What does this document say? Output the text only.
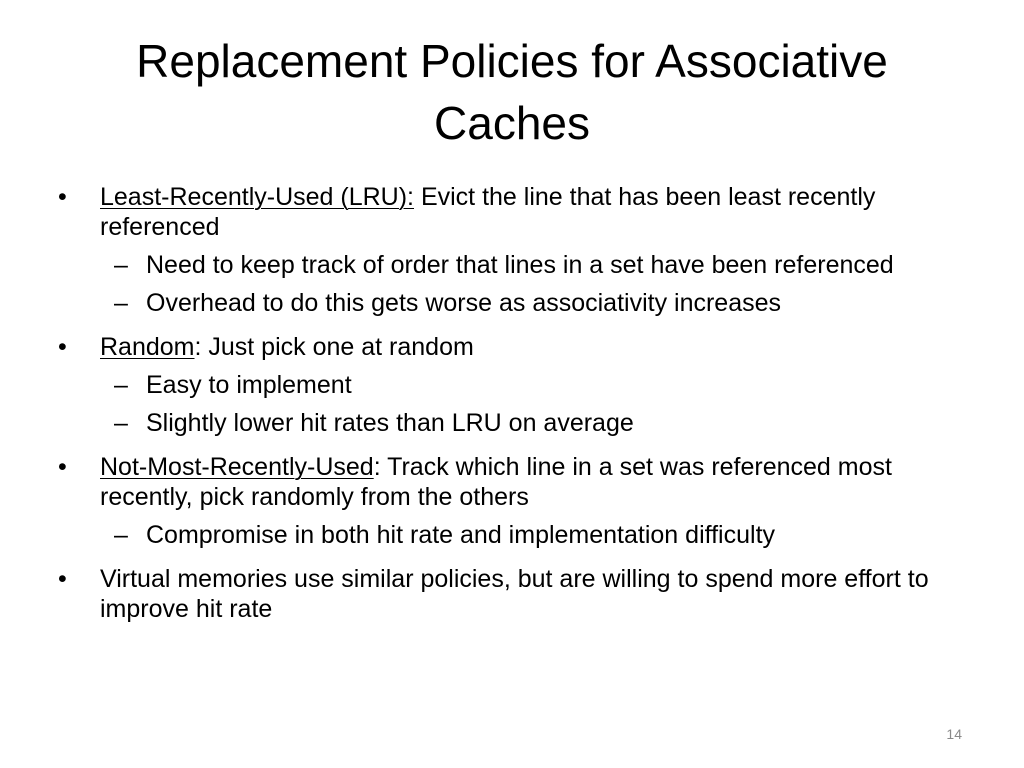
Replacement Policies for Associative Caches
•	Least-Recently-Used (LRU): Evict the line that has been least recently referenced
– Need to keep track of order that lines in a set have been referenced
– Overhead to do this gets worse as associativity increases
•	Random: Just pick one at random
– Easy to implement
– Slightly lower hit rates than LRU on average
•	Not-Most-Recently-Used: Track which line in a set was referenced most recently, pick randomly from the others
– Compromise in both hit rate and implementation difficulty
•	Virtual memories use similar policies, but are willing to spend more effort to improve hit rate
14
